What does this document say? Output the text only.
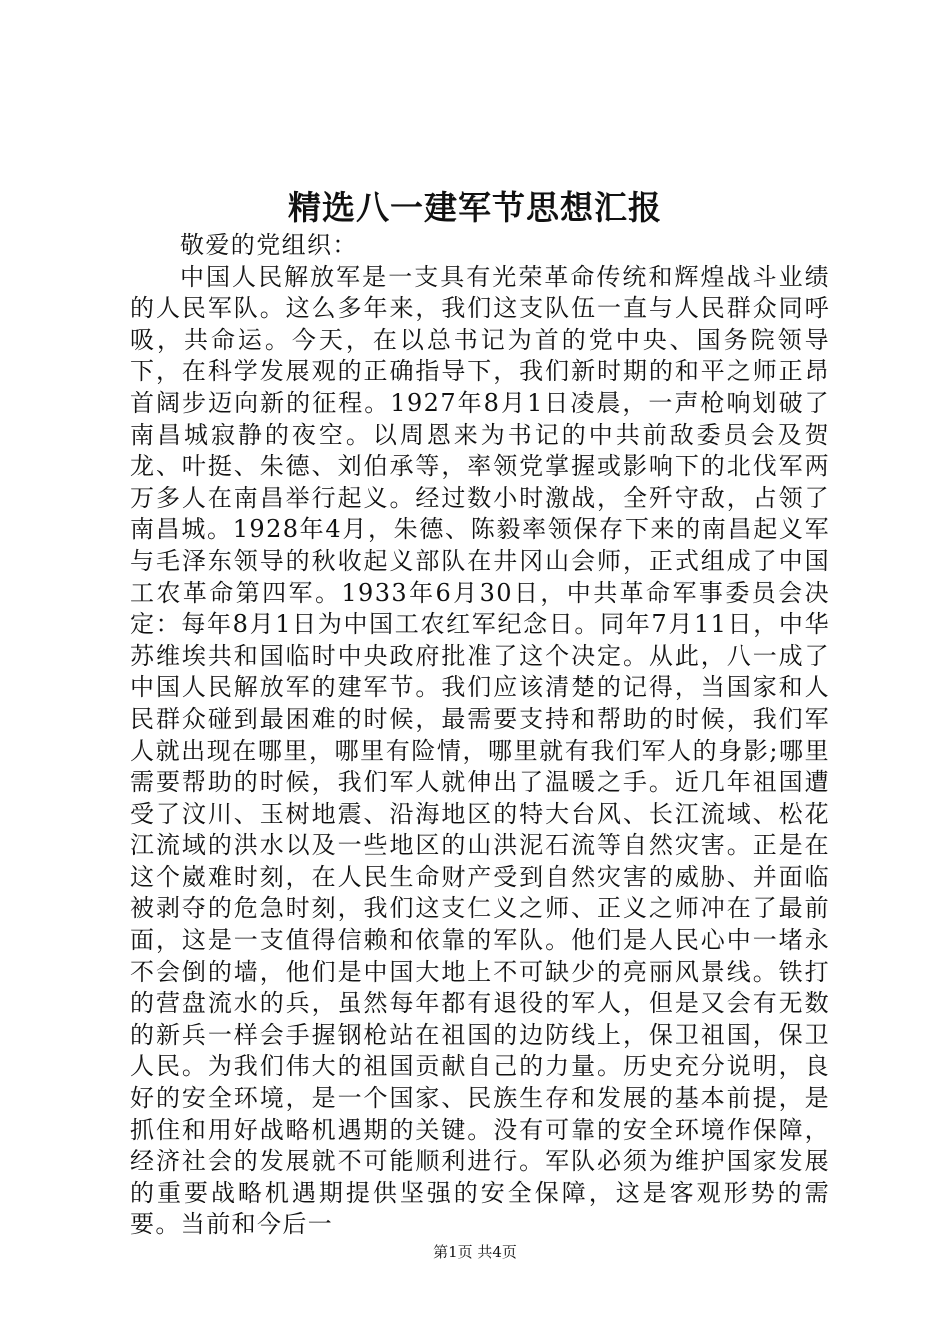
精选八一建军节思想汇报

敬爱的党组织：

中国人民解放军是一支具有光荣革命传统和辉煌战斗业绩的人民军队。这么多年来，我们这支队伍一直与人民群众同呼吸，共命运。今天，在以总书记为首的党中央、国务院领导下，在科学发展观的正确指导下，我们新时期的和平之师正昂首阔步迈向新的征程。1927年8月1日凌晨，一声枪响划破了南昌城寂静的夜空。以周恩来为书记的中共前敌委员会及贺龙、叶挺、朱德、刘伯承等，率领党掌握或影响下的北伐军两万多人在南昌举行起义。经过数小时激战，全歼守敌，占领了南昌城。1928年4月，朱德、陈毅率领保存下来的南昌起义军与毛泽东领导的秋收起义部队在井冈山会师，正式组成了中国工农革命第四军。1933年6月30日，中共革命军事委员会决定：每年8月1日为中国工农红军纪念日。同年7月11日，中华苏维埃共和国临时中央政府批准了这个决定。从此，八一成了中国人民解放军的建军节。我们应该清楚的记得，当国家和人民群众碰到最困难的时候，最需要支持和帮助的时候，我们军人就出现在哪里，哪里有险情，哪里就有我们军人的身影;哪里需要帮助的时候，我们军人就伸出了温暖之手。近几年祖国遭受了汶川、玉树地震、沿海地区的特大台风、长江流域、松花江流域的洪水以及一些地区的山洪泥石流等自然灾害。正是在这个崴难时刻，在人民生命财产受到自然灾害的威胁、并面临被剥夺的危急时刻，我们这支仁义之师、正义之师冲在了最前面，这是一支值得信赖和依靠的军队。他们是人民心中一堵永不会倒的墙，他们是中国大地上不可缺少的亮丽风景线。铁打的营盘流水的兵，虽然每年都有退役的军人，但是又会有无数的新兵一样会手握钢枪站在祖国的边防线上，保卫祖国，保卫人民。为我们伟大的祖国贡献自己的力量。历史充分说明，良好的安全环境，是一个国家、民族生存和发展的基本前提，是抓住和用好战略机遇期的关键。没有可靠的安全环境作保障，经济社会的发展就不可能顺利进行。军队必须为维护国家发展的重要战略机遇期提供坚强的安全保障，这是客观形势的需要。当前和今后一

第1页 共4页
